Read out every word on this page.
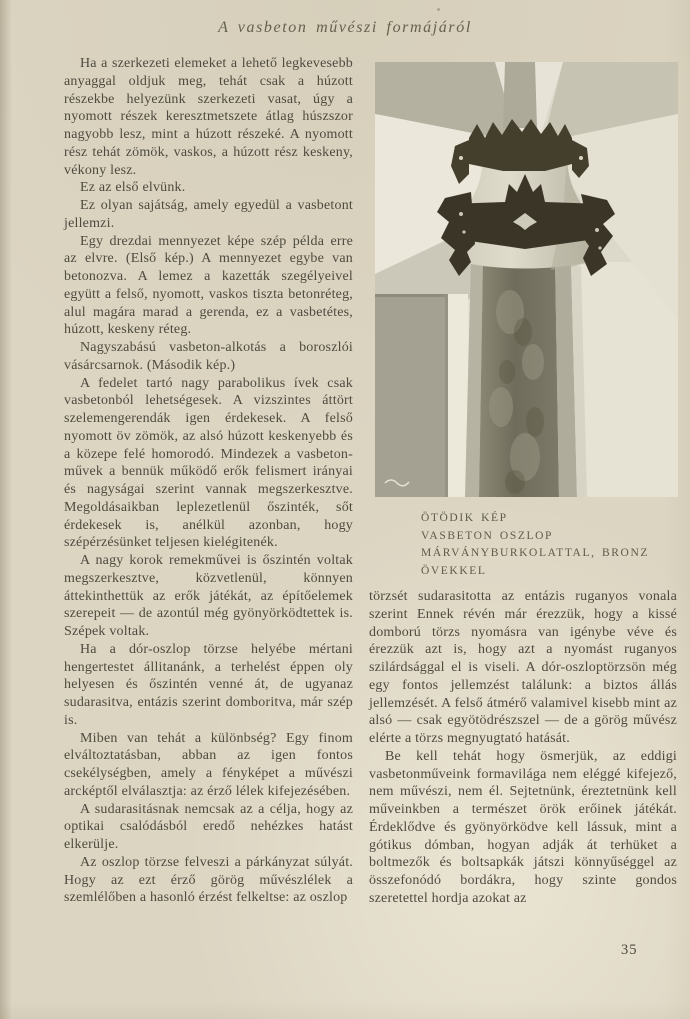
A vasbeton művészi formájáról

Ha a szerkezeti elemeket a lehető legkevesebb anyaggal oldjuk meg, tehát csak a húzott részekbe helyezünk szerkezeti vasat, úgy a nyomott részek keresztmetszete átlag húszszor nagyobb lesz, mint a húzott részeké. A nyomott rész tehát zömök, vaskos, a húzott rész keskeny, vékony lesz.

Ez az első elvünk.

Ez olyan sajátság, amely egyedül a vasbetont jellemzi.

Egy drezdai mennyezet képe szép példa erre az elvre. (Első kép.) A mennyezet egybe van betonozva. A lemez a kazetták szegélyeivel együtt a felső, nyomott, vaskos tiszta betonréteg, alul magára marad a gerenda, ez a vasbetétes, húzott, keskeny réteg.

Nagyszabású vasbeton-alkotás a boroszlói vásárcsarnok. (Második kép.)

A fedelet tartó nagy parabolikus ívek csak vasbetonból lehetségesek. A vizszintes áttört szelemengerendák igen érdekesek. A felső nyomott öv zömök, az alsó húzott keskenyebb és a közepe felé homorodó. Mindezek a vasbeton-művek a bennük működő erők felismert irányai és nagyságai szerint vannak megszerkesztve. Megoldásaikban leplezetlenül őszinték, sőt érdekesek is, anélkül azonban, hogy szépérzésünket teljesen kielégitenék.

A nagy korok remekművei is őszintén voltak megszerkesztve, közvetlenül, könnyen áttekinthettük az erők játékát, az építőelemek szerepeit — de azontúl még gyönyörködtettek is. Szépek voltak.

Ha a dór-oszlop törzse helyébe mértani hengertestet állitanánk, a terhelést éppen oly helyesen és őszintén venné át, de ugyanaz sudarasitva, entázis szerint domboritva, már szép is.

Miben van tehát a különbség? Egy finom elváltoztatásban, abban az igen fontos csekélységben, amely a fényképet a művészi arcképtől elválasztja: az érző lélek kifejezésében.

A sudarasitásnak nemcsak az a célja, hogy az optikai csalódásból eredő nehézkes hatást elkerülje.

Az oszlop törzse felveszi a párkányzat súlyát. Hogy az ezt érző görög művészlélek a szemlélőben a hasonló érzést felkeltse: az oszlop

ÖTÖDIK KÉP
VASBETON OSZLOP
MÁRVÁNYBURKOLATTAL, BRONZ ÖVEKKEL

törzsét sudarasitotta az entázis ruganyos vonala szerint Ennek révén már érezzük, hogy a kissé domború törzs nyomásra van igénybe véve és érezzük azt is, hogy azt a nyomást ruganyos szilárdsággal el is viseli. A dór-oszloptörzsön még egy fontos jellemzést találunk: a biztos állás jellemzését. A felső átmérő valamivel kisebb mint az alsó — csak egyötödrészszel — de a görög művész elérte a törzs megnyugtató hatását.

Be kell tehát hogy ösmerjük, az eddigi vasbetonműveink formavilága nem eléggé kifejező, nem művészi, nem él. Sejtetnünk, éreztetnünk kell műveinkben a természet örök erőinek játékát. Érdeklődve és gyönyörködve kell lássuk, mint a gótikus dómban, hogyan adják át terhüket a boltmezők és boltsapkák játszi könnyűséggel az összefonódó bordákra, hogy szinte gondos szeretettel hordja azokat az

35
